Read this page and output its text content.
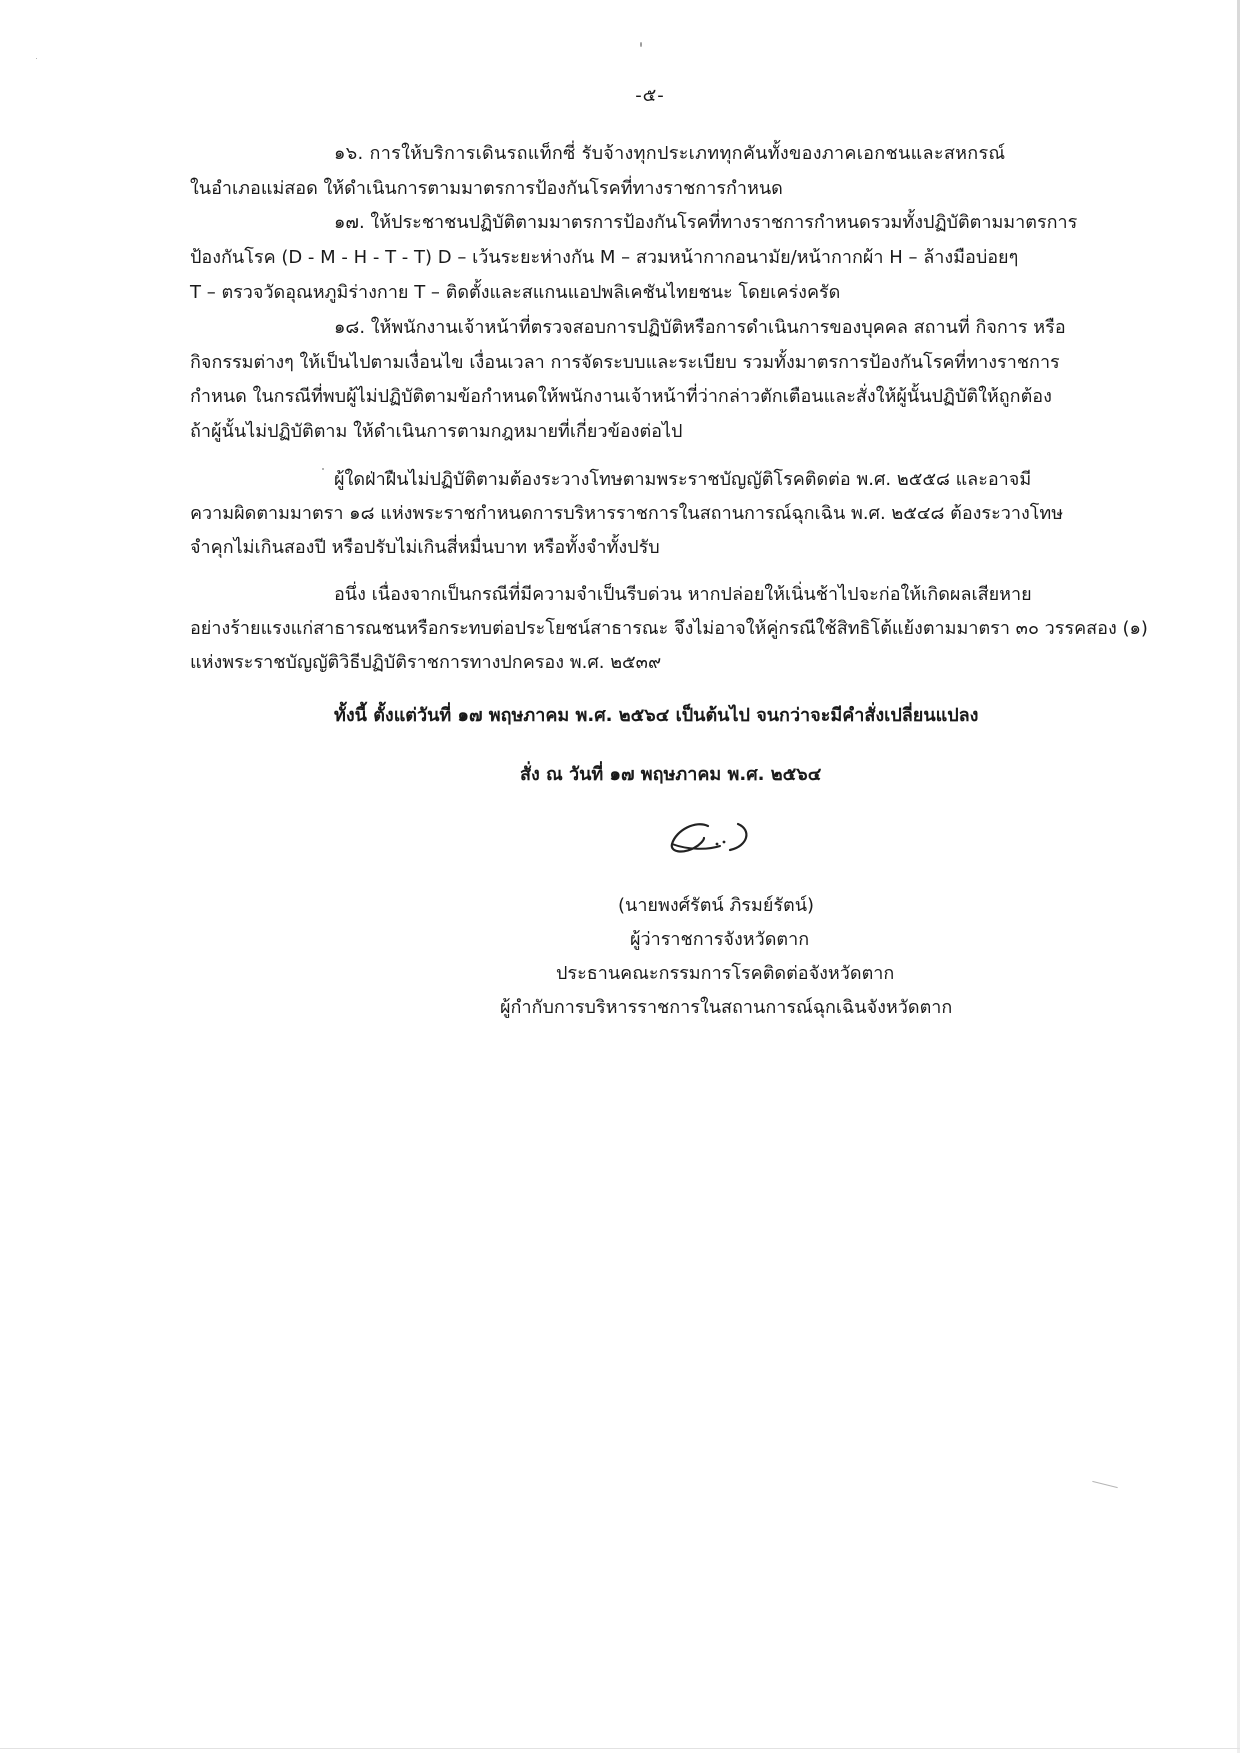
-๕-
๑๖. การให้บริการเดินรถแท็กซี่ รับจ้างทุกประเภททุกคันทั้งของภาคเอกชนและสหกรณ์
ในอำเภอแม่สอด ให้ดำเนินการตามมาตรการป้องกันโรคที่ทางราชการกำหนด
๑๗. ให้ประชาชนปฏิบัติตามมาตรการป้องกันโรคที่ทางราชการกำหนดรวมทั้งปฏิบัติตามมาตรการ
ป้องกันโรค (D - M - H - T - T) D – เว้นระยะห่างกัน M – สวมหน้ากากอนามัย/หน้ากากผ้า H – ล้างมือบ่อยๆ
T – ตรวจวัดอุณหภูมิร่างกาย T – ติดตั้งและสแกนแอปพลิเคชันไทยชนะ โดยเคร่งครัด
๑๘. ให้พนักงานเจ้าหน้าที่ตรวจสอบการปฏิบัติหรือการดำเนินการของบุคคล สถานที่ กิจการ หรือ
กิจกรรมต่างๆ ให้เป็นไปตามเงื่อนไข เงื่อนเวลา การจัดระบบและระเบียบ รวมทั้งมาตรการป้องกันโรคที่ทางราชการ
กำหนด ในกรณีที่พบผู้ไม่ปฏิบัติตามข้อกำหนดให้พนักงานเจ้าหน้าที่ว่ากล่าวตักเตือนและสั่งให้ผู้นั้นปฏิบัติให้ถูกต้อง
ถ้าผู้นั้นไม่ปฏิบัติตาม ให้ดำเนินการตามกฎหมายที่เกี่ยวข้องต่อไป
ผู้ใดฝ่าฝืนไม่ปฏิบัติตามต้องระวางโทษตามพระราชบัญญัติโรคติดต่อ พ.ศ. ๒๕๕๘ และอาจมี
ความผิดตามมาตรา ๑๘ แห่งพระราชกำหนดการบริหารราชการในสถานการณ์ฉุกเฉิน พ.ศ. ๒๕๔๘ ต้องระวางโทษ
จำคุกไม่เกินสองปี หรือปรับไม่เกินสี่หมื่นบาท หรือทั้งจำทั้งปรับ
อนึ่ง เนื่องจากเป็นกรณีที่มีความจำเป็นรีบด่วน หากปล่อยให้เนิ่นช้าไปจะก่อให้เกิดผลเสียหาย
อย่างร้ายแรงแก่สาธารณชนหรือกระทบต่อประโยชน์สาธารณะ จึงไม่อาจให้คู่กรณีใช้สิทธิโต้แย้งตามมาตรา ๓๐ วรรคสอง (๑)
แห่งพระราชบัญญัติวิธีปฏิบัติราชการทางปกครอง พ.ศ. ๒๕๓๙
ทั้งนี้ ตั้งแต่วันที่ ๑๗ พฤษภาคม พ.ศ. ๒๕๖๔ เป็นต้นไป จนกว่าจะมีคำสั่งเปลี่ยนแปลง
สั่ง ณ วันที่ ๑๗ พฤษภาคม พ.ศ. ๒๕๖๔
(นายพงศ์รัตน์ ภิรมย์รัตน์)
ผู้ว่าราชการจังหวัดตาก
ประธานคณะกรรมการโรคติดต่อจังหวัดตาก
ผู้กำกับการบริหารราชการในสถานการณ์ฉุกเฉินจังหวัดตาก
